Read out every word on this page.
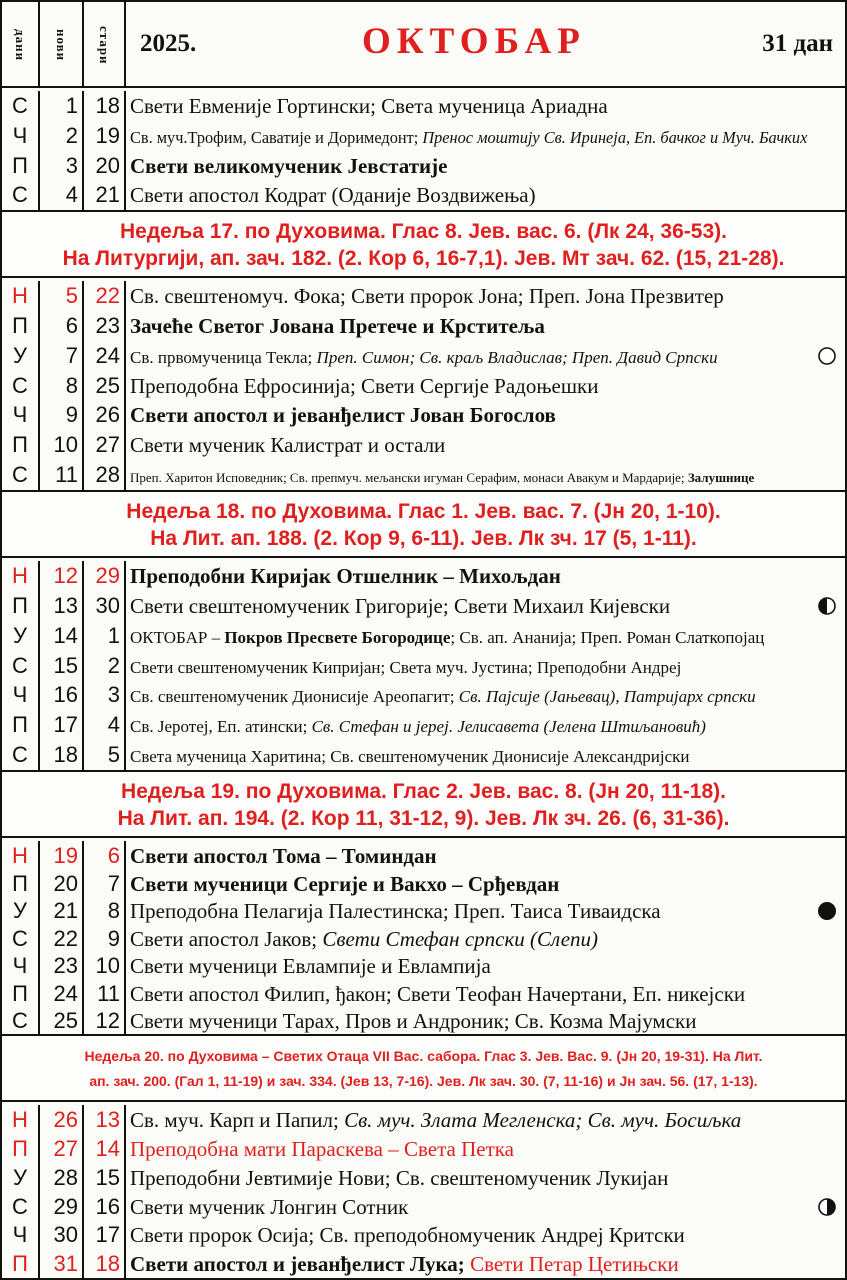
дани нови стари 2025.	ОКТОБАР	31 дан
С	1 18 Свети Евмениje Гортински; Света мученица Ариадна
Ч	2 19 Св. муч.Трофим, Саватије и Доримедонт; Пренос моштију Св. Иринеја, Еп. бачког и Муч. Бачких
П	3 20 Свети великомученик Јевстатије
С	4 21 Свети апостол Кодрат (Оданије Воздвижења)
Недеља 17. по Духовима. Глас 8. Јев. вас. 6. (Лк 24, 36-53).
На Литургији, ап. зач. 182. (2. Кор 6, 16-7,1). Јев. Мт зач. 62. (15, 21-28).
Н	5 22 Св. свештеномуч. Фока; Свети пророк Јона; Преп. Јона Презвитер
П	6 23 Зачеће Светог Јована Претече и Крститеља
У	7 24 Св. првомученица Текла; Преп. Симон; Св. краљ Владислав; Преп. Давид Српски
С	8 25 Преподобна Ефросинија; Свети Сергије Радоњешки
Ч	9 26 Свети апостол и јеванђелист Јован Богослов
П	10 27 Свети мученик Калистрат и остали
С	11 28 Преп. Харитон Исповедник; Св. препмуч. мељански игуман Серафим, монаси Авакум и Мардарије; Залушнице
Недеља 18. по Духовима. Глас 1. Јев. вас. 7. (Јн 20, 1-10).
На Лит. ап. 188. (2. Кор 9, 6-11). Јев. Лк зч. 17 (5, 1-11).
Н	12 29 Преподобни Киријак Отшелник – Михољдан
П	13 30 Свети свештеномученик Григорије; Свети Михаил Кијевски
У	14	1 ОКТОБАР – Покров Пресвете Богородице; Св. ап. Ананија; Преп. Роман Слаткопојац
С	15	2 Свети свештеномученик Кипријан; Света муч. Јустина; Преподобни Андреј
Ч	16	3 Св. свештеномученик Дионисије Ареопагит; Св. Пајсије (Јањевац), Патријарх српски
П	17	4 Св. Јеротеј, Еп. атински; Св. Стефан и јереј. Јелисавета (Јелена Штиљановић)
С	18	5 Света мученица Харитина; Св. свештеномученик Дионисије Александријски
Недеља 19. по Духовима. Глас 2. Јев. вас. 8. (Јн 20, 11-18).
На Лит. ап. 194. (2. Кор 11, 31-12, 9). Јев. Лк зч. 26. (6, 31-36).
Н	19	6 Свети апостол Тома – Томиндан
П	20	7 Свети мученици Сергије и Вакхо – Срђевдан
У	21	8 Преподобна Пелагија Палестинска; Преп. Таиса Тиваидска
С	22	9 Свети апостол Јаков; Свети Стефан српски (Слепи)
Ч	23 10 Свети мученици Евлампије и Евлампија
П	24 11 Свети апостол Филип, ђакон; Свети Теофан Начертани, Еп. никејски
С	25 12 Свети мученици Тарах, Пров и Андроник; Св. Козма Мајумски
Недеља 20. по Духовима – Светих Отаца VII Вас. сабора. Глас 3. Јев. Вас. 9. (Јн 20, 19-31). На Лит.
ап. зач. 200. (Гал 1, 11-19) и зач. 334. (Јев 13, 7-16). Јев. Лк зач. 30. (7, 11-16) и Јн зач. 56. (17, 1-13).
Н	26 13 Св. муч. Карп и Папил; Св. муч. Злата Мегленска; Св. муч. Босиљка
П	27 14 Преподобна мати Параскева – Света Петка
У	28 15 Преподобни Јевтимије Нови; Св. свештеномученик Лукијан
С	29 16 Свети мученик Лонгин Сотник
Ч	30 17 Свети пророк Осија; Св. преподобномученик Андреј Критски
П	31 18 Свети апостол и јеванђелист Лука; Свети Петар Цетињски
